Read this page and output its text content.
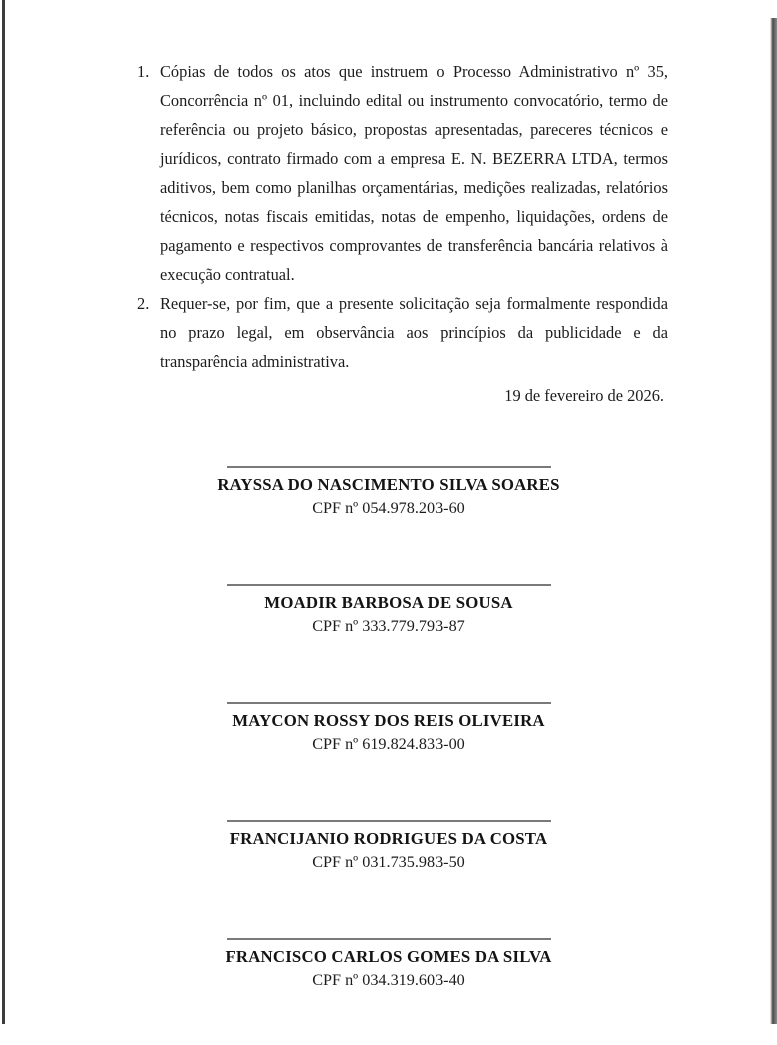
1. Cópias de todos os atos que instruem o Processo Administrativo nº 35, Concorrência nº 01, incluindo edital ou instrumento convocatório, termo de referência ou projeto básico, propostas apresentadas, pareceres técnicos e jurídicos, contrato firmado com a empresa E. N. BEZERRA LTDA, termos aditivos, bem como planilhas orçamentárias, medições realizadas, relatórios técnicos, notas fiscais emitidas, notas de empenho, liquidações, ordens de pagamento e respectivos comprovantes de transferência bancária relativos à execução contratual.

2. Requer-se, por fim, que a presente solicitação seja formalmente respondida no prazo legal, em observância aos princípios da publicidade e da transparência administrativa.

19 de fevereiro de 2026.
RAYSSA DO NASCIMENTO SILVA SOARES
CPF nº 054.978.203-60
MOADIR BARBOSA DE SOUSA
CPF nº 333.779.793-87
MAYCON ROSSY DOS REIS OLIVEIRA
CPF nº 619.824.833-00
FRANCIJANIO RODRIGUES DA COSTA
CPF nº 031.735.983-50
FRANCISCO CARLOS GOMES DA SILVA
CPF nº 034.319.603-40
